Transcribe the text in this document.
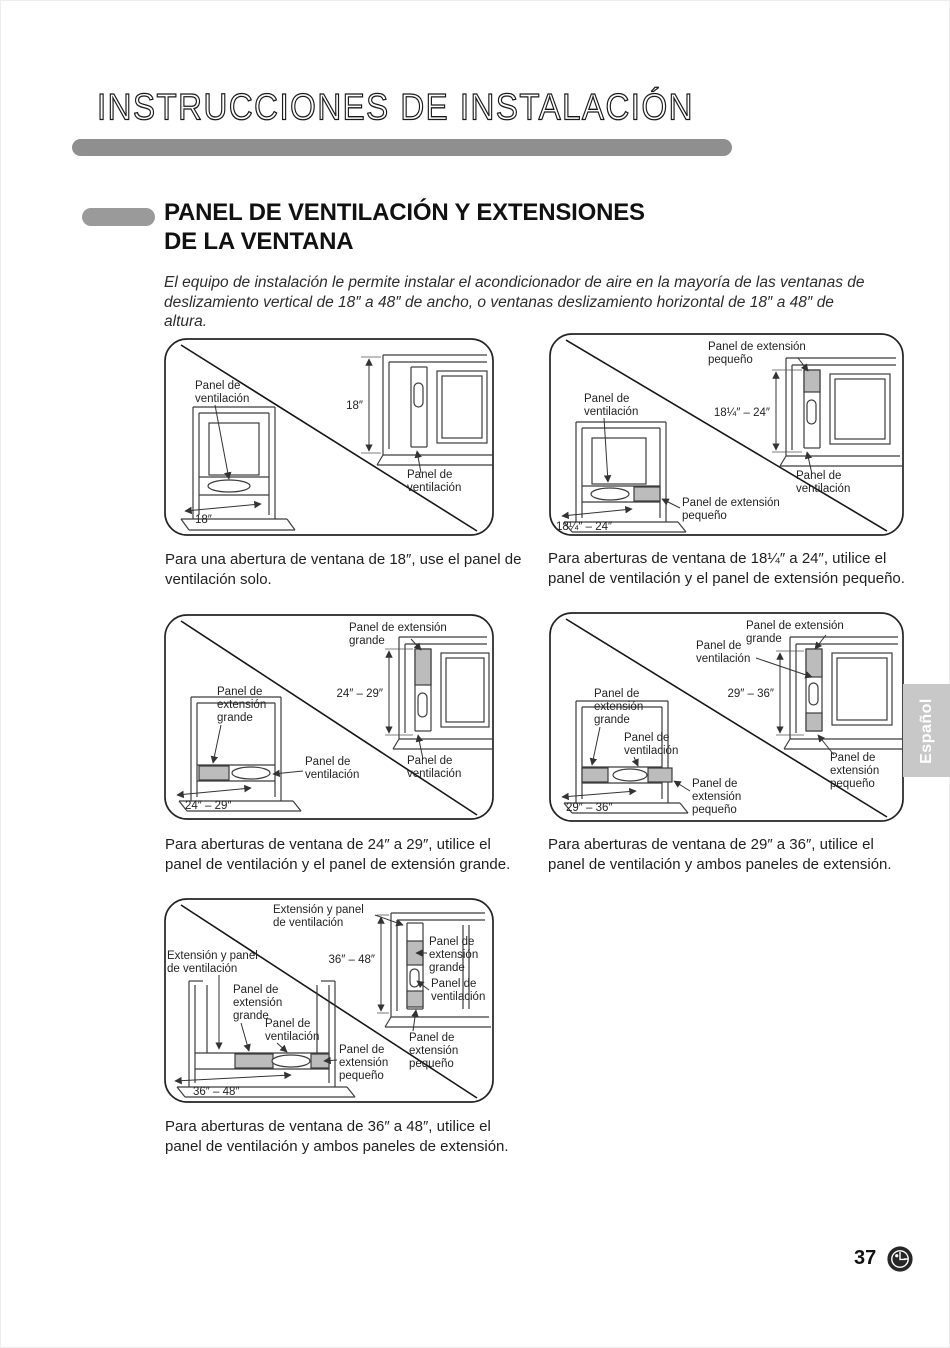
INSTRUCCIONES DE INSTALACIÓN
PANEL DE VENTILACIÓN Y EXTENSIONES
DE LA VENTANA
El equipo de instalación le permite instalar el acondicionador de aire en la mayoría de las ventanas de deslizamiento vertical de 18″ a 48″ de ancho, o ventanas deslizamiento horizontal de 18″ a 48″ de altura.
18″
18″
Panel de
ventilación
Panel de
ventilación
Para una abertura de ventana de 18″, use el panel de ventilación solo.
18¼″ – 24″
Panel de extensión
pequeño
Panel de
ventilación
Panel de
ventilación
18¼″ – 24″
Panel de extensión
pequeño
Para aberturas de ventana de 18¼″ a 24″, utilice el panel de ventilación y el panel de extensión pequeño.
24″ – 29″
Panel de extensión
grande
Panel de
ventilación
Panel de
extensión
grande
Panel de
ventilación
24″ – 29″
Para aberturas de ventana de 24″ a 29″, utilice el panel de ventilación y el panel de extensión grande.
29″ – 36″
Panel de extensión
grande
Panel de
ventilación
Panel de
extensión
pequeño
Panel de
extensión
grande
Panel de
ventilación
29″ – 36″
Panel de
extensión
pequeño
Para aberturas de ventana de 29″ a 36″, utilice el panel de ventilación y ambos paneles de extensión.
36″ – 48″
Extensión y panel
de ventilación
Panel de
extensión
grande
Panel de
ventilación
Panel de
extensión
pequeño
Extensión y panel
de ventilación
Panel de
extensión
grande
Panel de
ventilación
Panel de
extensión
pequeño
36″ – 48″
Para aberturas de ventana de 36″ a 48″, utilice el panel de ventilación y ambos paneles de extensión.
Español
37
